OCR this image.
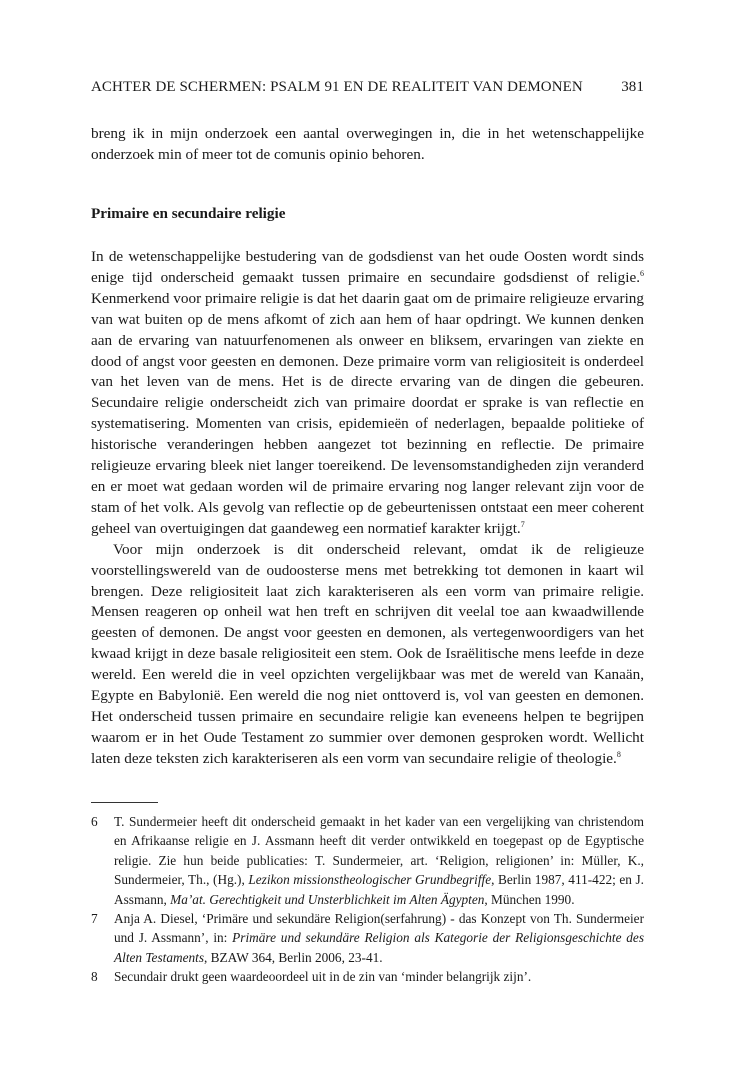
ACHTER DE SCHERMEN: PSALM 91 EN DE REALITEIT VAN DEMONEN	381

breng ik in mijn onderzoek een aantal overwegingen in, die in het wetenschappelijke onderzoek min of meer tot de comunis opinio behoren.

Primaire en secundaire religie

In de wetenschappelijke bestudering van de godsdienst van het oude Oosten wordt sinds enige tijd onderscheid gemaakt tussen primaire en secundaire godsdienst of religie.$^6$ Kenmerkend voor primaire religie is dat het daarin gaat om de primaire religieuze ervaring van wat buiten op de mens afkomt of zich aan hem of haar opdringt. We kunnen denken aan de ervaring van natuurfenomenen als onweer en bliksem, ervaringen van ziekte en dood of angst voor geesten en demonen. Deze primaire vorm van religiositeit is onderdeel van het leven van de mens. Het is de directe ervaring van de dingen die gebeuren. Secundaire religie onderscheidt zich van primaire doordat er sprake is van reflectie en systematisering. Momenten van crisis, epidemieën of nederlagen, bepaalde politieke of historische veranderingen hebben aangezet tot bezinning en reflectie. De primaire religieuze ervaring bleek niet langer toereikend. De levensomstandigheden zijn veranderd en er moet wat gedaan worden wil de primaire ervaring nog langer relevant zijn voor de stam of het volk. Als gevolg van reflectie op de gebeurtenissen ontstaat een meer coherent geheel van overtuigingen dat gaandeweg een normatief karakter krijgt.$^7$

Voor mijn onderzoek is dit onderscheid relevant, omdat ik de religieuze voorstellingswereld van de oudoosterse mens met betrekking tot demonen in kaart wil brengen. Deze religiositeit laat zich karakteriseren als een vorm van primaire religie. Mensen reageren op onheil wat hen treft en schrijven dit veelal toe aan kwaadwillende geesten of demonen. De angst voor geesten en demonen, als vertegenwoordigers van het kwaad krijgt in deze basale religiositeit een stem. Ook de Israëlitische mens leefde in deze wereld. Een wereld die in veel opzichten vergelijkbaar was met de wereld van Kanaän, Egypte en Babylonië. Een wereld die nog niet onttoverd is, vol van geesten en demonen. Het onderscheid tussen primaire en secundaire religie kan eveneens helpen te begrijpen waarom er in het Oude Testament zo summier over demonen gesproken wordt. Wellicht laten deze teksten zich karakteriseren als een vorm van secundaire religie of theologie.$^8$

6	T. Sundermeier heeft dit onderscheid gemaakt in het kader van een vergelijking van christendom en Afrikaanse religie en J. Assmann heeft dit verder ontwikkeld en toegepast op de Egyptische religie. Zie hun beide publicaties: T. Sundermeier, art. ‘Religion, religionen’ in: Müller, K., Sundermeier, Th., (Hg.), Lezikon missionstheologischer Grundbegriffe, Berlin 1987, 411-422; en J. Assmann, Ma’at. Gerechtigkeit und Unsterblichkeit im Alten Ägypten, München 1990.
7	Anja A. Diesel, ‘Primäre und sekundäre Religion(serfahrung) - das Konzept von Th. Sundermeier und J. Assmann’, in: Primäre und sekundäre Religion als Kategorie der Religionsgeschichte des Alten Testaments, BZAW 364, Berlin 2006, 23-41.
8	Secundair drukt geen waardeoordeel uit in de zin van ‘minder belangrijk zijn’.
